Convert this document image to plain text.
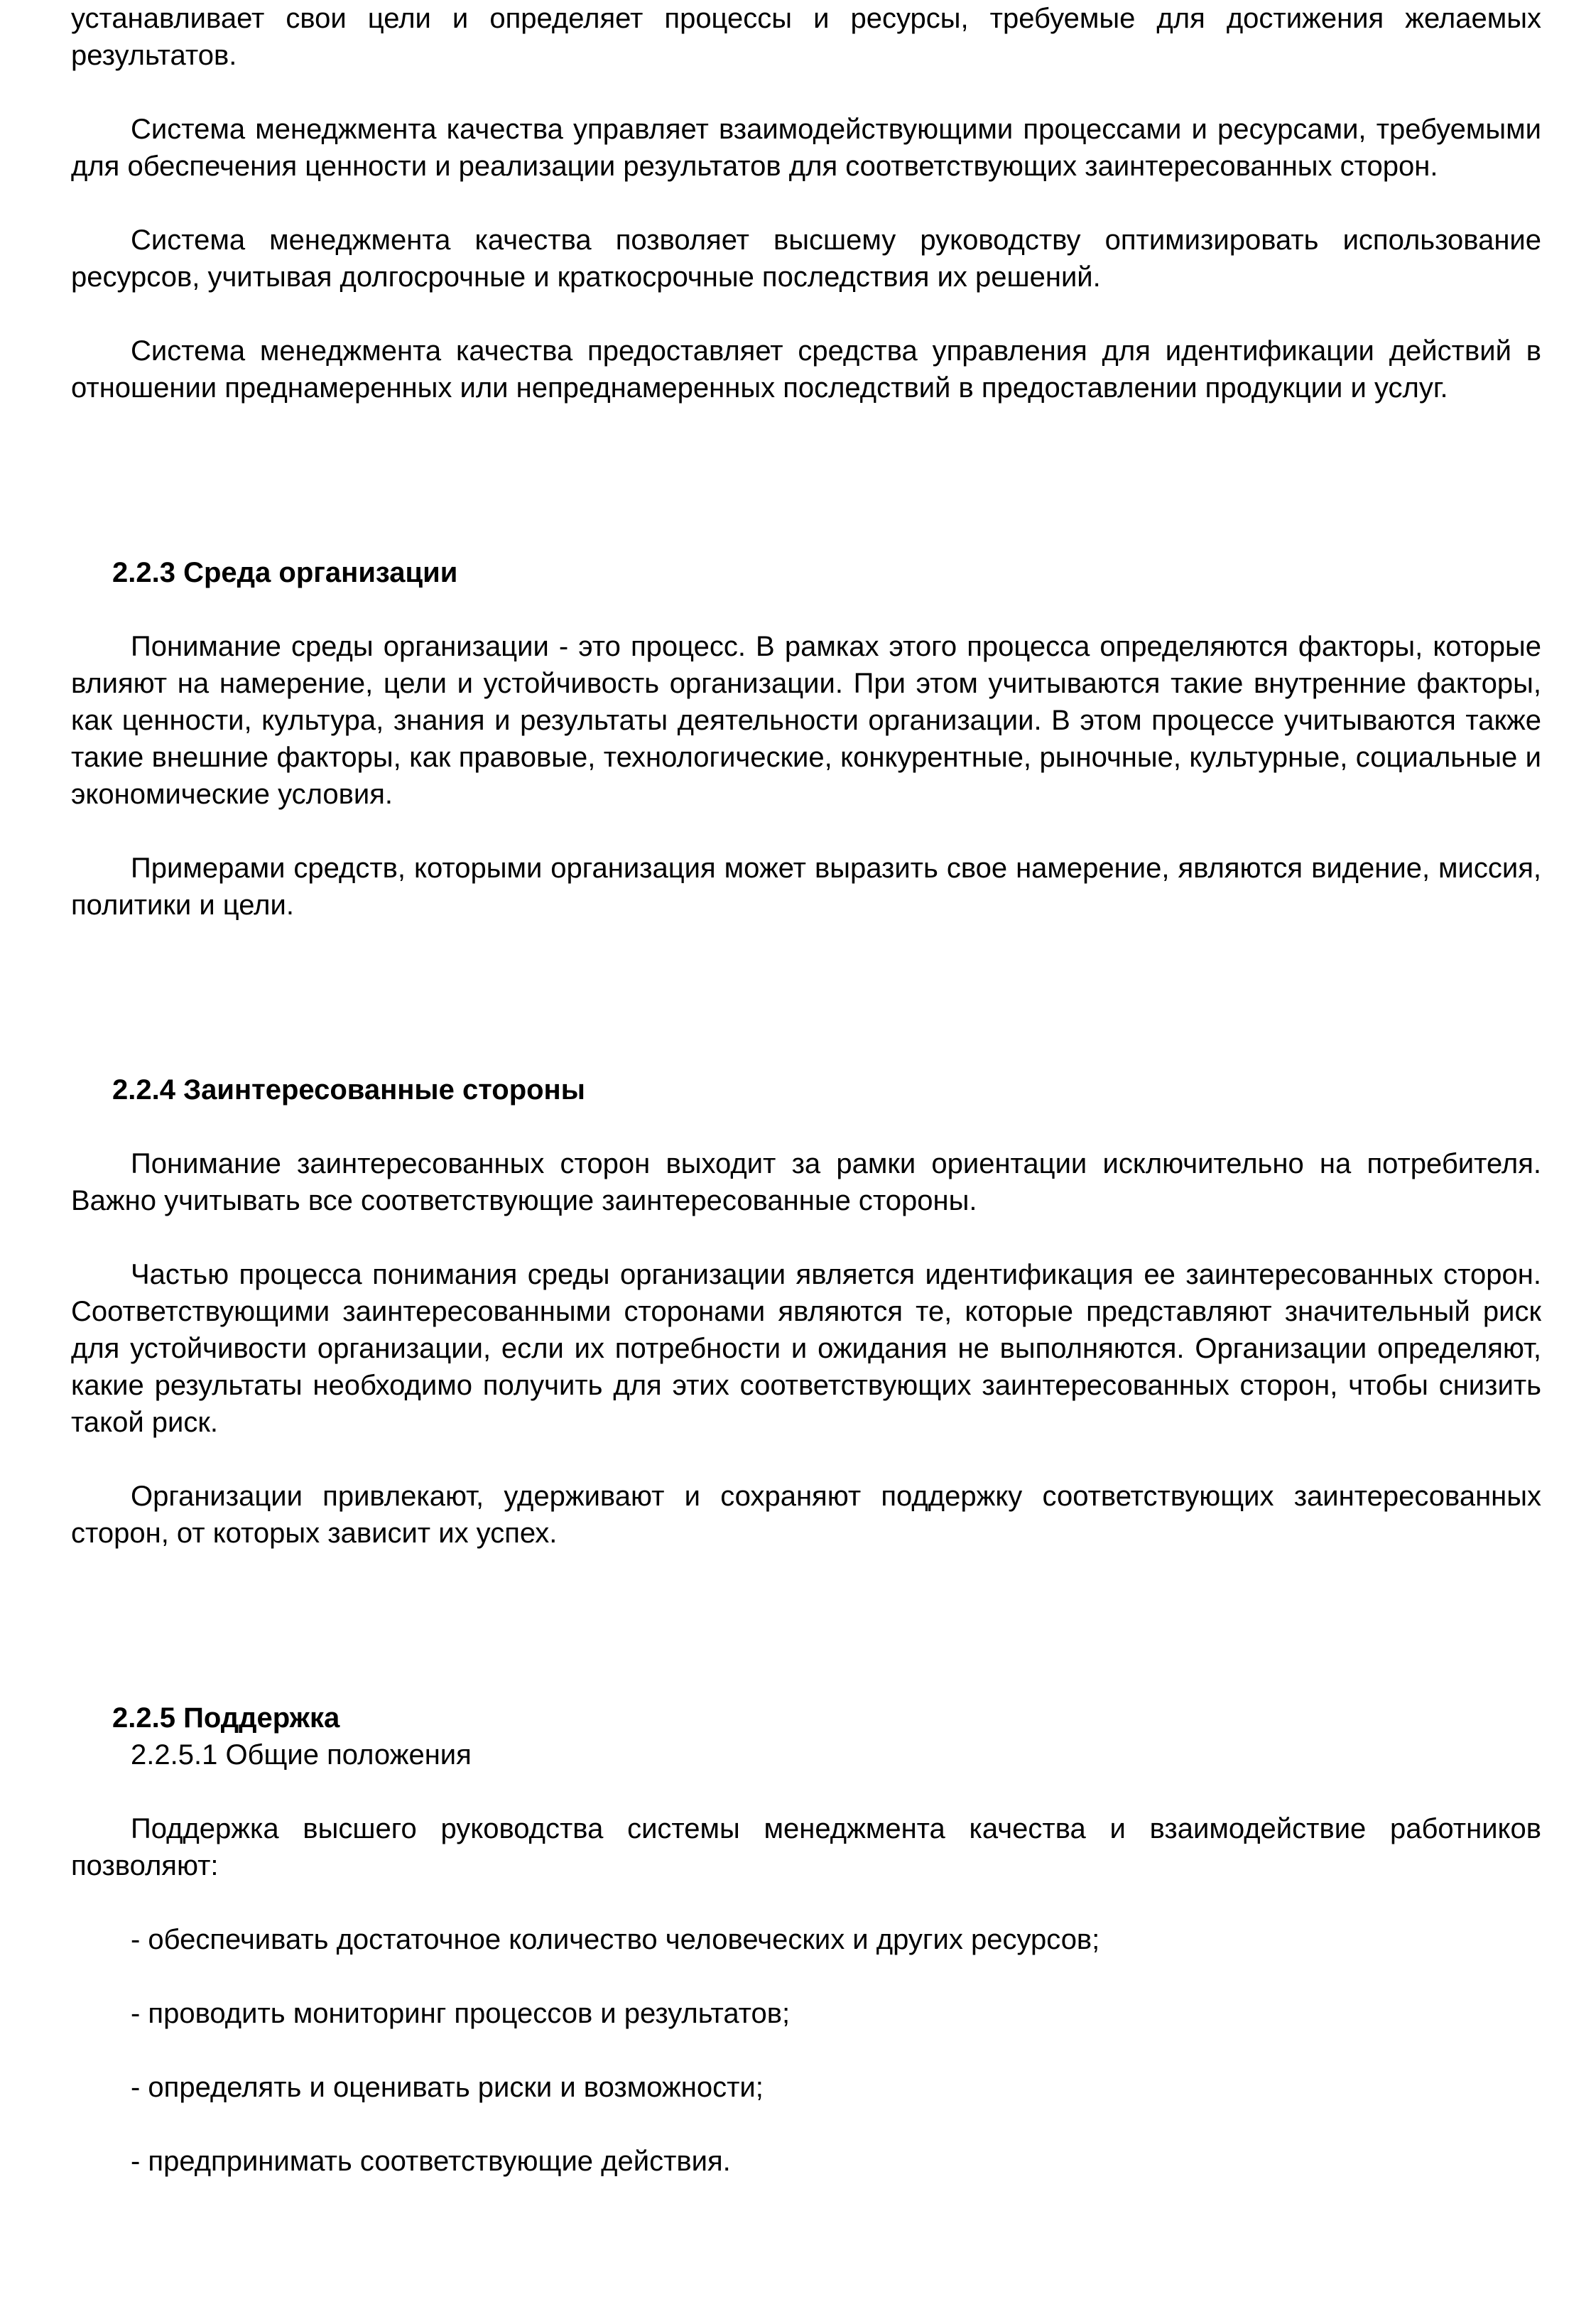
устанавливает свои цели и определяет процессы и ресурсы, требуемые для достижения желаемых результатов.

Система менеджмента качества управляет взаимодействующими процессами и ресурсами, требуемыми для обеспечения ценности и реализации результатов для соответствующих заинтересованных сторон.

Система менеджмента качества позволяет высшему руководству оптимизировать использование ресурсов, учитывая долгосрочные и краткосрочные последствия их решений.

Система менеджмента качества предоставляет средства управления для идентификации действий в отношении преднамеренных или непреднамеренных последствий в предоставлении продукции и услуг.

2.2.3 Среда организации

Понимание среды организации - это процесс. В рамках этого процесса определяются факторы, которые влияют на намерение, цели и устойчивость организации. При этом учитываются такие внутренние факторы, как ценности, культура, знания и результаты деятельности организации. В этом процессе учитываются также такие внешние факторы, как правовые, технологические, конкурентные, рыночные, культурные, социальные и экономические условия.

Примерами средств, которыми организация может выразить свое намерение, являются видение, миссия, политики и цели.

2.2.4 Заинтересованные стороны

Понимание заинтересованных сторон выходит за рамки ориентации исключительно на потребителя. Важно учитывать все соответствующие заинтересованные стороны.

Частью процесса понимания среды организации является идентификация ее заинтересованных сторон. Соответствующими заинтересованными сторонами являются те, которые представляют значительный риск для устойчивости организации, если их потребности и ожидания не выполняются. Организации определяют, какие результаты необходимо получить для этих соответствующих заинтересованных сторон, чтобы снизить такой риск.

Организации привлекают, удерживают и сохраняют поддержку соответствующих заинтересованных сторон, от которых зависит их успех.

2.2.5 Поддержка
2.2.5.1 Общие положения

Поддержка высшего руководства системы менеджмента качества и взаимодействие работников позволяют:

- обеспечивать достаточное количество человеческих и других ресурсов;

- проводить мониторинг процессов и результатов;

- определять и оценивать риски и возможности;

- предпринимать соответствующие действия.
